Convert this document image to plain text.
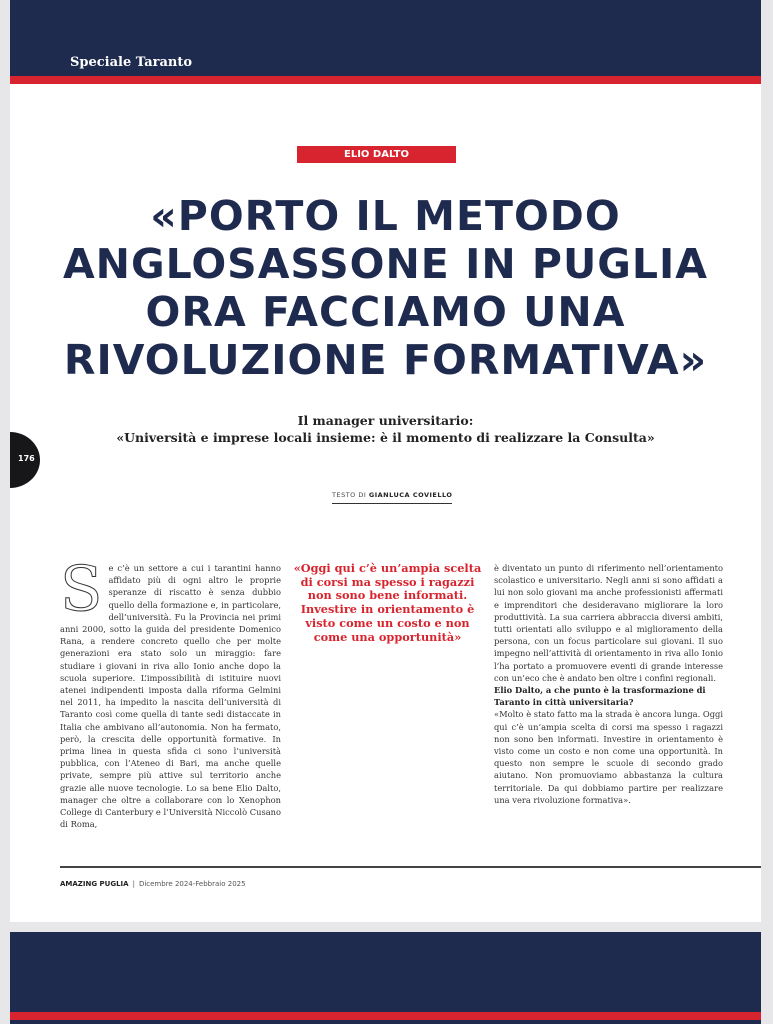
Speciale Taranto
ELIO DALTO
«PORTO IL METODO ANGLOSASSONE IN PUGLIA ORA FACCIAMO UNA RIVOLUZIONE FORMATIVA»
Il manager universitario:
«Università e imprese locali insieme: è il momento di realizzare la Consulta»
176
TESTO DI GIANLUCA COVIELLO
Se c’è un settore a cui i tarantini hanno affidato più di ogni altro le proprie speranze di riscatto è senza dubbio quello della formazione e, in particolare, dell’università. Fu la Provincia nei primi anni 2000, sotto la guida del presidente Domenico Rana, a rendere concreto quello che per molte generazioni era stato solo un miraggio: fare studiare i giovani in riva allo Ionio anche dopo la scuola superiore. L’impossibilità di istituire nuovi atenei indipendenti imposta dalla riforma Gelmini nel 2011, ha impedito la nascita dell’università di Taranto così come quella di tante sedi distaccate in Italia che ambivano all’autonomia. Non ha fermato, però, la crescita delle opportunità formative. In prima linea in questa sfida ci sono l’università pubblica, con l’Ateneo di Bari, ma anche quelle private, sempre più attive sul territorio anche grazie alle nuove tecnologie. Lo sa bene Elio Dalto, manager che oltre a collaborare con lo Xenophon College di Canterbury e l’Università Niccolò Cusano di Roma,
«Oggi qui c’è un’ampia scelta di corsi ma spesso i ragazzi non sono bene informati. Investire in orientamento è visto come un costo e non come una opportunità»
è diventato un punto di riferimento nell’orientamento scolastico e universitario. Negli anni si sono affidati a lui non solo giovani ma anche professionisti affermati e imprenditori che desideravano migliorare la loro produttività. La sua carriera abbraccia diversi ambiti, tutti orientati allo sviluppo e al miglioramento della persona, con un focus particolare sui giovani. Il suo impegno nell’attività di orientamento in riva allo Ionio l’ha portato a promuovere eventi di grande interesse con un’eco che è andato ben oltre i confini regionali.
Elio Dalto, a che punto è la trasformazione di Taranto in città universitaria?
«Molto è stato fatto ma la strada è ancora lunga. Oggi qui c’è un’ampia scelta di corsi ma spesso i ragazzi non sono ben informati. Investire in orientamento è visto come un costo e non come una opportunità. In questo non sempre le scuole di secondo grado aiutano. Non promuoviamo abbastanza la cultura territoriale. Da qui dobbiamo partire per realizzare una vera rivoluzione formativa».
AMAZING PUGLIA | Dicembre 2024-Febbraio 2025
